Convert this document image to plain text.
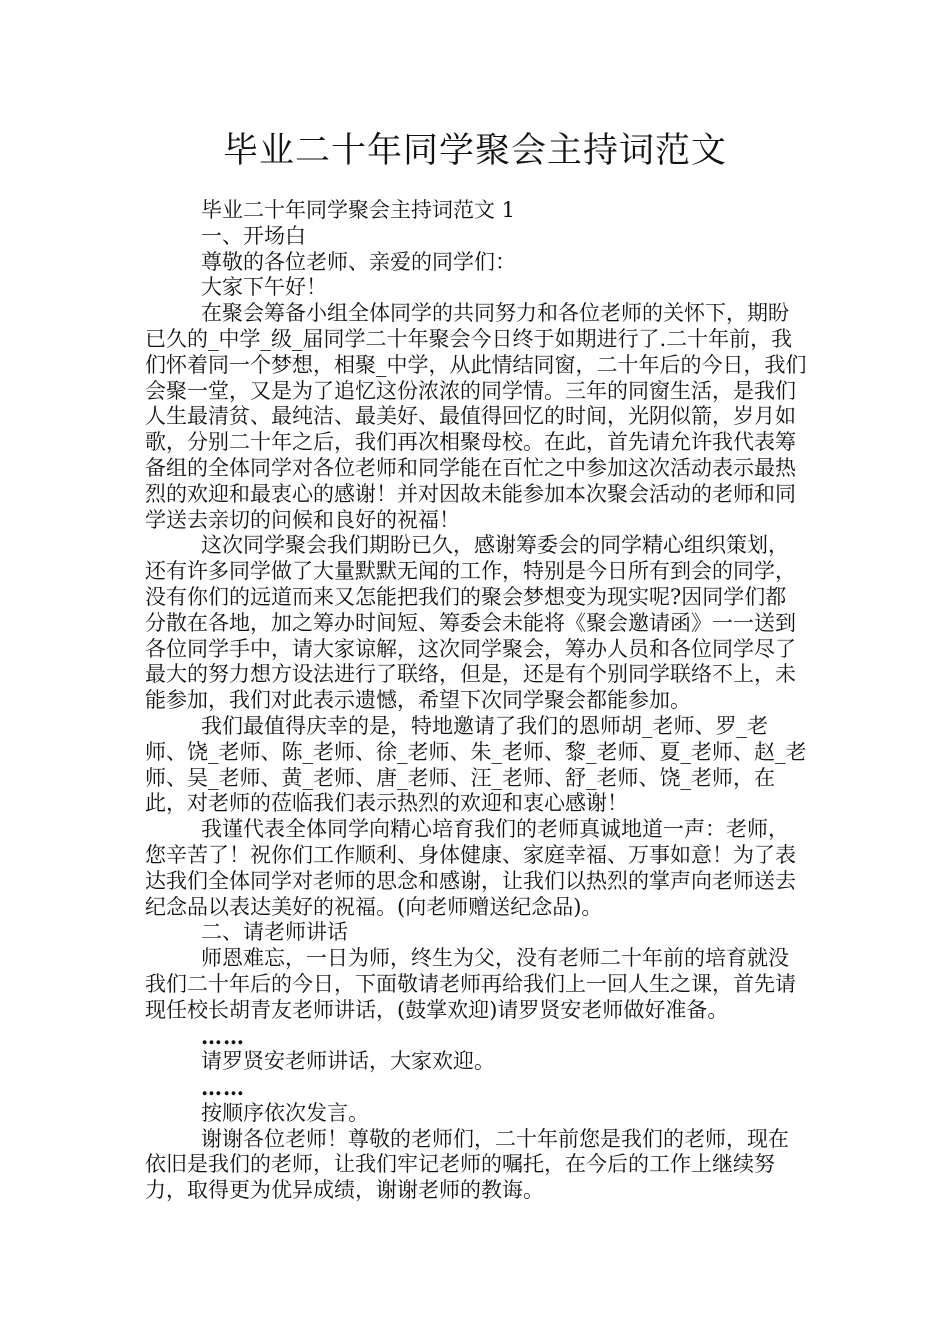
毕业二十年同学聚会主持词范文

毕业二十年同学聚会主持词范文 1

一、开场白

尊敬的各位老师、亲爱的同学们：

大家下午好！

在聚会筹备小组全体同学的共同努力和各位老师的关怀下，期盼已久的_中学_级_届同学二十年聚会今日终于如期进行了.二十年前，我们怀着同一个梦想，相聚_中学，从此情结同窗，二十年后的今日，我们会聚一堂，又是为了追忆这份浓浓的同学情。三年的同窗生活，是我们人生最清贫、最纯洁、最美好、最值得回忆的时间，光阴似箭，岁月如歌，分别二十年之后，我们再次相聚母校。在此，首先请允许我代表筹备组的全体同学对各位老师和同学能在百忙之中参加这次活动表示最热烈的欢迎和最衷心的感谢！并对因故未能参加本次聚会活动的老师和同学送去亲切的问候和良好的祝福！

这次同学聚会我们期盼已久，感谢筹委会的同学精心组织策划，还有许多同学做了大量默默无闻的工作，特别是今日所有到会的同学，没有你们的远道而来又怎能把我们的聚会梦想变为现实呢?因同学们都分散在各地，加之筹办时间短、筹委会未能将《聚会邀请函》一一送到各位同学手中，请大家谅解，这次同学聚会，筹办人员和各位同学尽了最大的努力想方设法进行了联络，但是，还是有个别同学联络不上，未能参加，我们对此表示遗憾，希望下次同学聚会都能参加。

我们最值得庆幸的是，特地邀请了我们的恩师胡_老师、罗_老师、饶_老师、陈_老师、徐_老师、朱_老师、黎_老师、夏_老师、赵_老师、吴_老师、黄_老师、唐_老师、汪_老师、舒_老师、饶_老师，在此，对老师的莅临我们表示热烈的欢迎和衷心感谢！

我谨代表全体同学向精心培育我们的老师真诚地道一声：老师，您辛苦了！祝你们工作顺利、身体健康、家庭幸福、万事如意！为了表达我们全体同学对老师的思念和感谢，让我们以热烈的掌声向老师送去纪念品以表达美好的祝福。(向老师赠送纪念品)。

二、请老师讲话

师恩难忘，一日为师，终生为父，没有老师二十年前的培育就没我们二十年后的今日，下面敬请老师再给我们上一回人生之课，首先请现任校长胡青友老师讲话，(鼓掌欢迎)请罗贤安老师做好准备。

……

请罗贤安老师讲话，大家欢迎。

……

按顺序依次发言。

谢谢各位老师！尊敬的老师们，二十年前您是我们的老师，现在依旧是我们的老师，让我们牢记老师的嘱托，在今后的工作上继续努力，取得更为优异成绩，谢谢老师的教诲。
